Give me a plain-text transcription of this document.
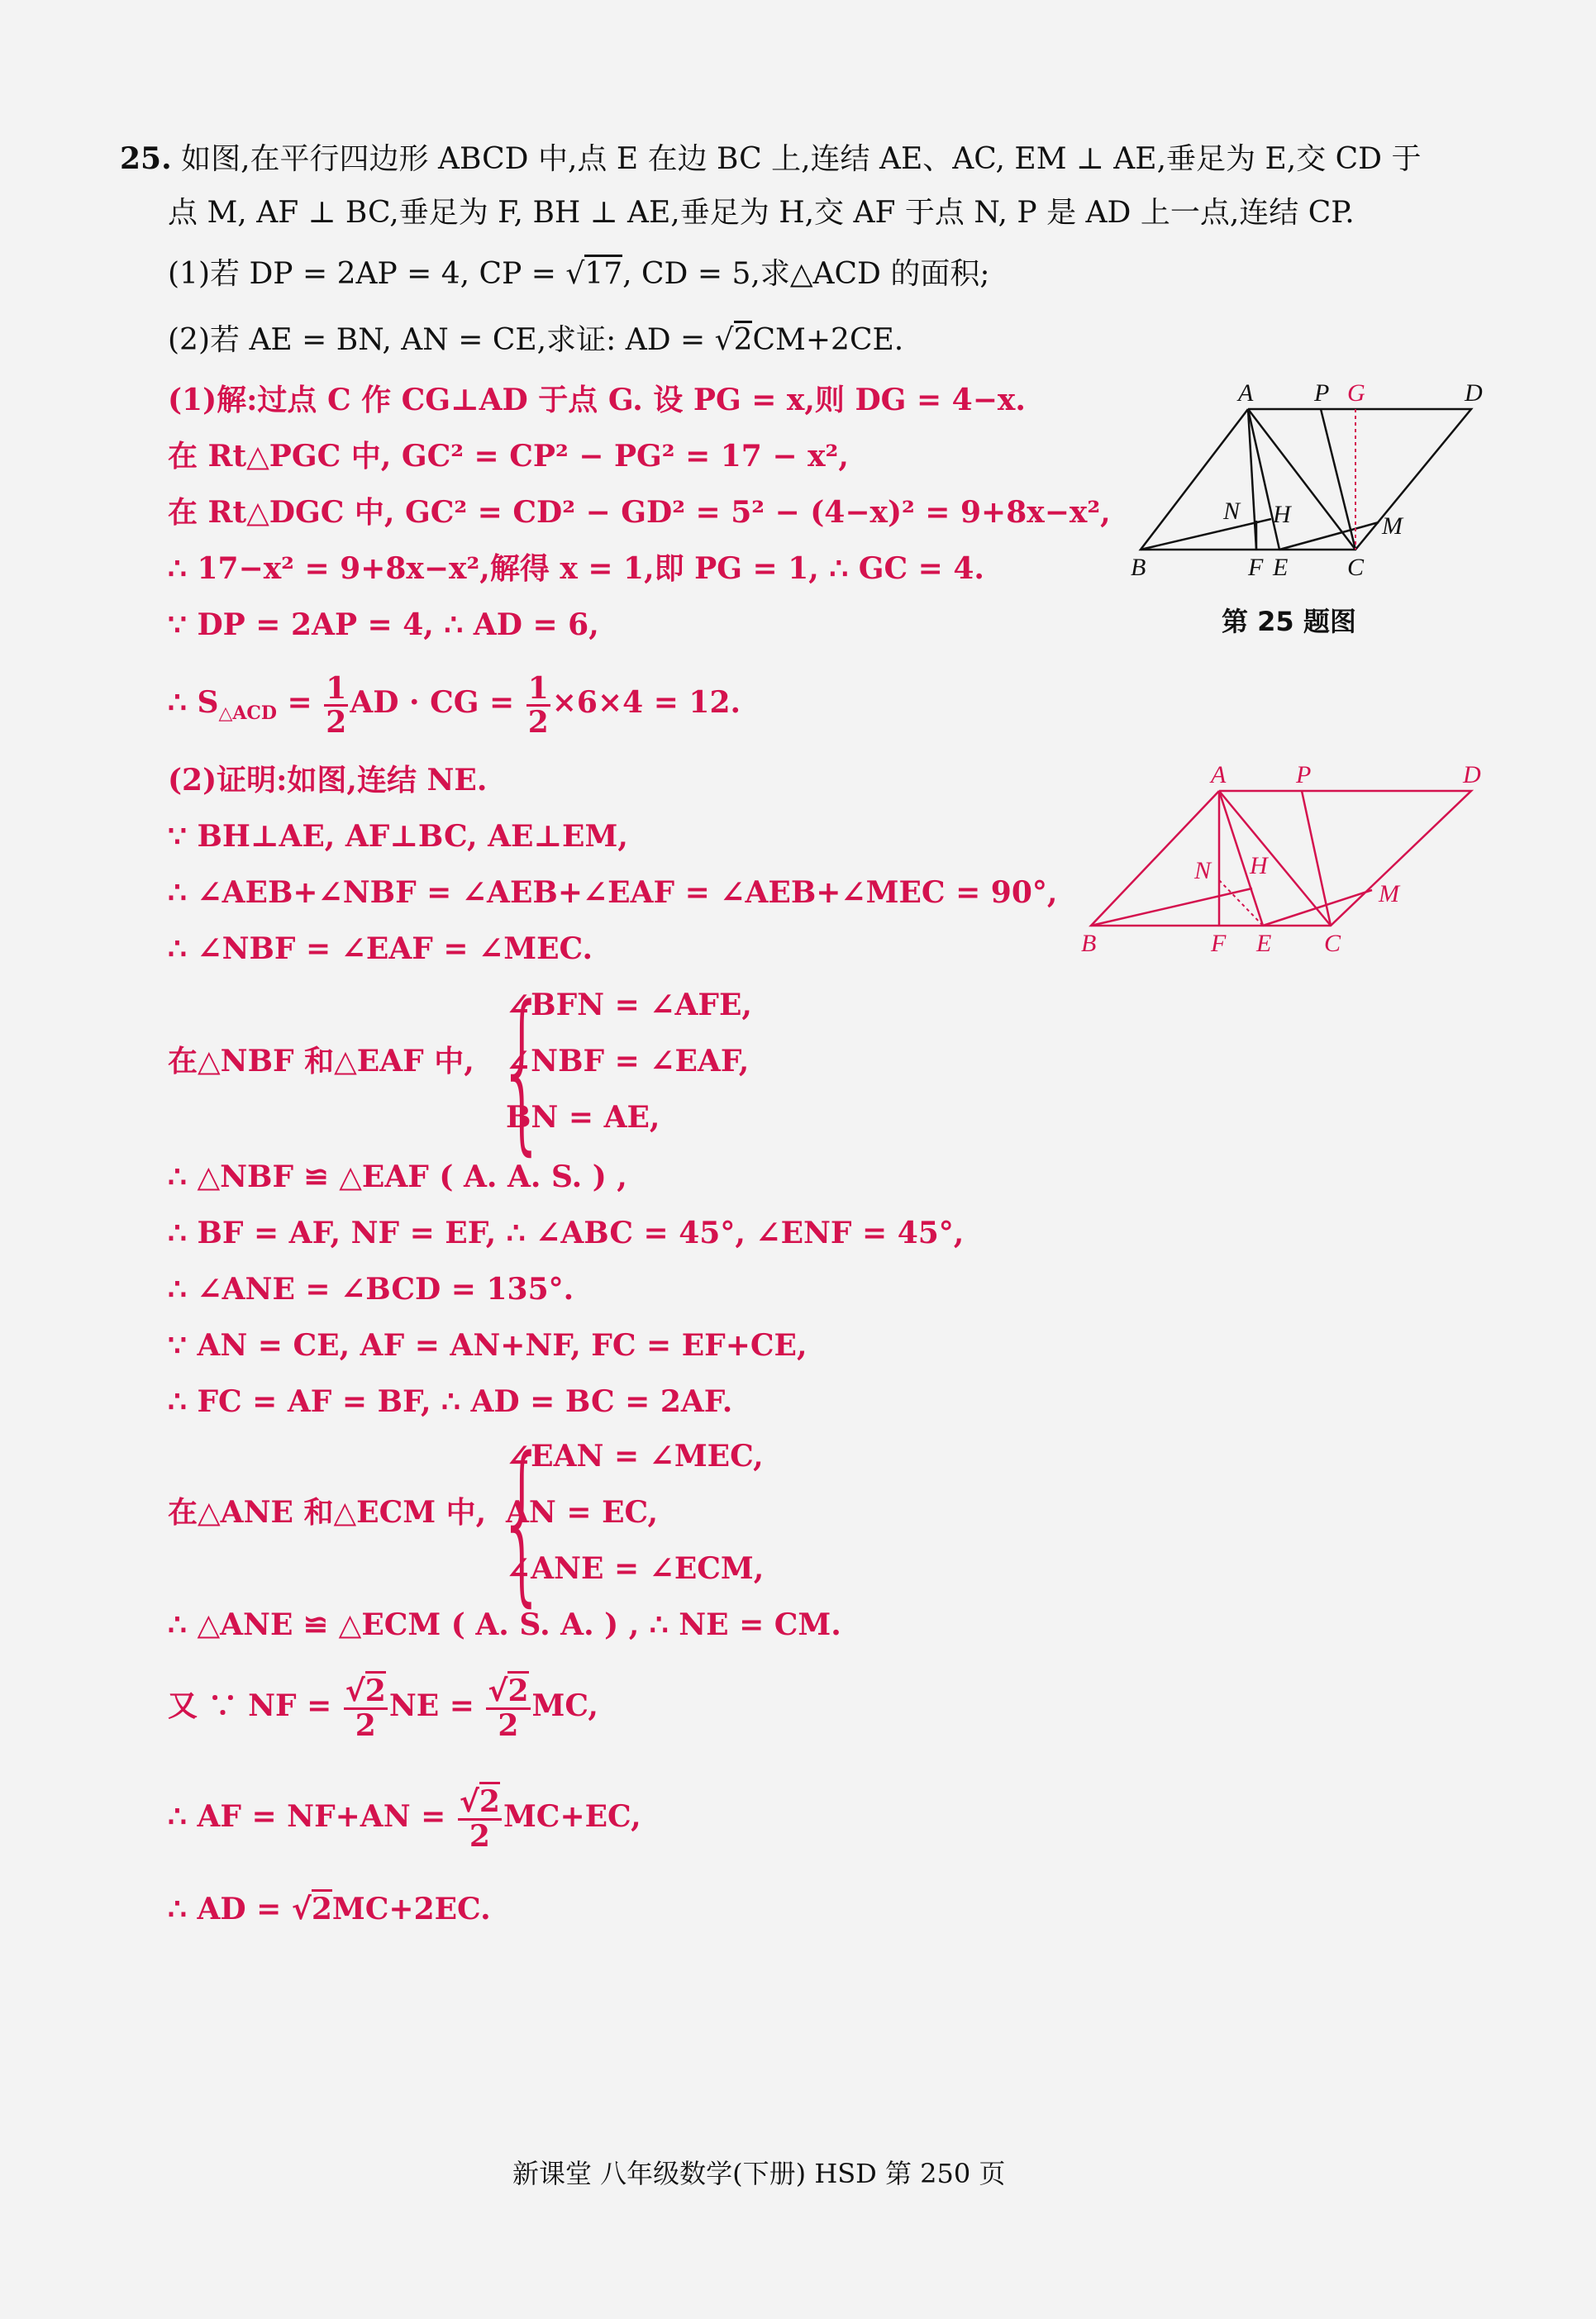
25. 如图,在平行四边形 ABCD 中,点 E 在边 BC 上,连结 AE、AC, EM ⊥ AE,垂足为 E,交 CD 于
点 M, AF ⊥ BC,垂足为 F, BH ⊥ AE,垂足为 H,交 AF 于点 N, P 是 AD 上一点,连结 CP.
(1)若 DP = 2AP = 4, CP = √17, CD = 5,求△ACD 的面积;
(2)若 AE = BN, AN = CE,求证: AD = √2CM+2CE.
(1)解:过点 C 作 CG⊥AD 于点 G. 设 PG = x,则 DG = 4−x.
在 Rt△PGC 中, GC² = CP² − PG² = 17 − x²,
在 Rt△DGC 中, GC² = CD² − GD² = 5² − (4−x)² = 9+8x−x²,
∴ 17−x² = 9+8x−x²,解得 x = 1,即 PG = 1, ∴ GC = 4.
∵ DP = 2AP = 4, ∴ AD = 6,
∴ $S_{\triangle ACD} = \frac{1}{2}$ AD · CG = $\frac{1}{2} \times 6\times 4 = 12$.
(2)证明:如图,连结 NE.
∵ BH⊥AE, AF⊥BC, AE⊥EM,
∴ ∠AEB+∠NBF = ∠AEB+∠EAF = ∠AEB+∠MEC = 90°,
∴ ∠NBF = ∠EAF = ∠MEC.
在△NBF 和△EAF 中, {
∠BFN = ∠AFE,
∠NBF = ∠EAF,
BN = AE,
∴ △NBF ≌ △EAF ( A. A. S. ) ,
∴ BF = AF, NF = EF, ∴ ∠ABC = 45°, ∠ENF = 45°,
∴ ∠ANE = ∠BCD = 135°.
∵ AN = CE, AF = AN+NF, FC = EF+CE,
∴ FC = AF = BF, ∴ AD = BC = 2AF.
在△ANE 和△ECM 中, {
∠EAN = ∠MEC,
AN = EC,
∠ANE = ∠ECM,
∴ △ANE ≌ △ECM ( A. S. A. ) , ∴ NE = CM.
又 ∵ NF = $\frac{√2}{2}$ NE = $\frac{√2}{2}$ MC,
∴ AF = $NF+AN = \frac{√2}{2} MC+EC$,
∴ AD = √2MC+2EC.
A P G	D
N H	M
B	F E C
第 25 题图
A	P	D
N H
M
B	F E C
新课堂 八年级数学(下册) HSD 第 250 页
